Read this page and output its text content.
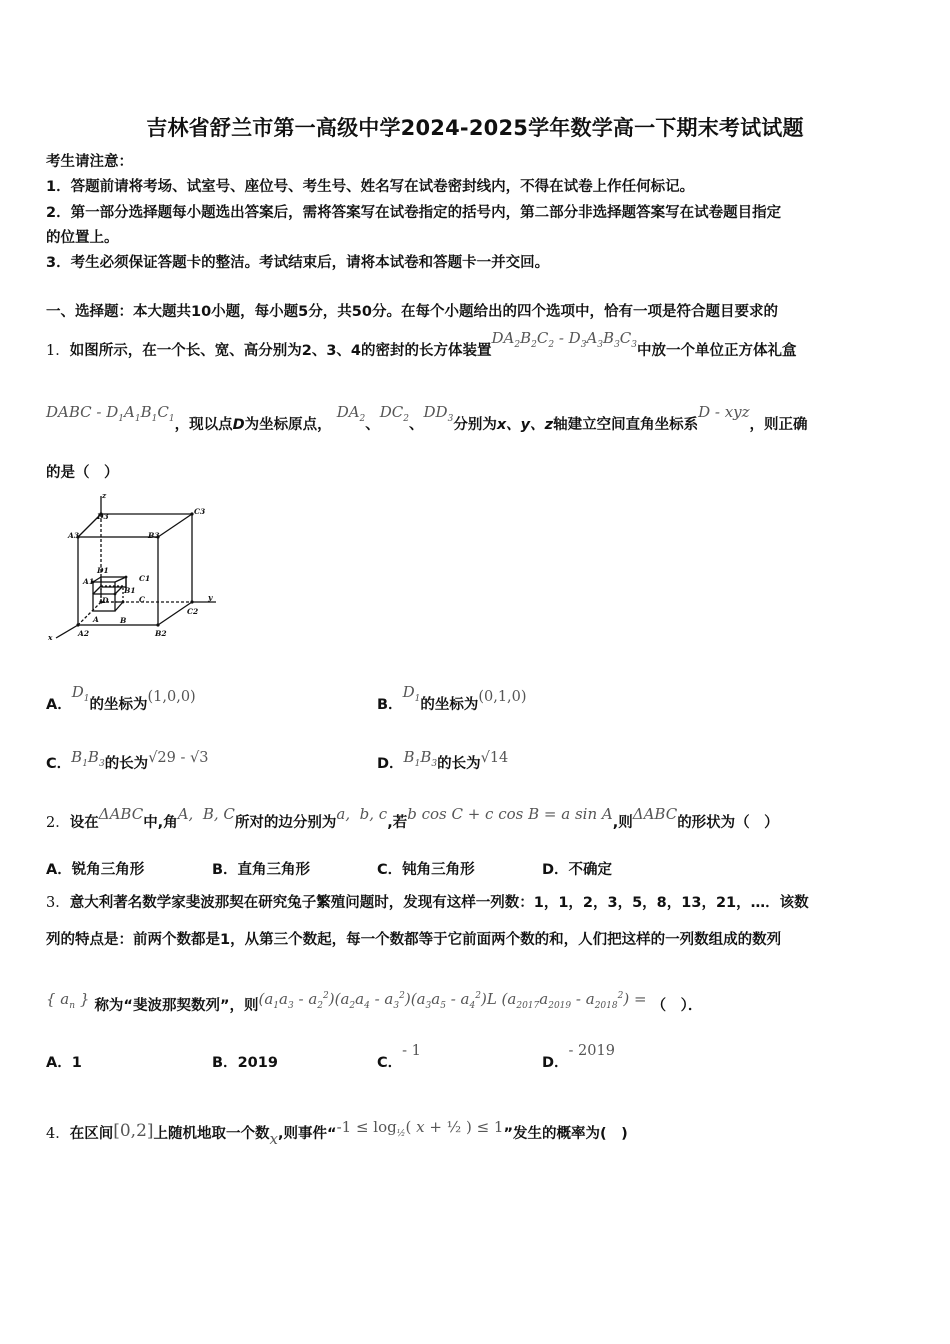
吉林省舒兰市第一高级中学2024-2025学年数学高一下期末考试试题
考生请注意：
1．答题前请将考场、试室号、座位号、考生号、姓名写在试卷密封线内，不得在试卷上作任何标记。
2．第一部分选择题每小题选出答案后，需将答案写在试卷指定的括号内，第二部分非选择题答案写在试卷题目指定
的位置上。
3．考生必须保证答题卡的整洁。考试结束后，请将本试卷和答题卡一并交回。
一、选择题：本大题共10小题，每小题5分，共50分。在每个小题给出的四个选项中，恰有一项是符合题目要求的
1．如图所示，在一个长、宽、高分别为2、3、4的密封的长方体装置$DA_2B_2C_2 - D_3A_3B_3C_3$中放一个单位正方体礼盒
DABC - $D_1A_1B_1C_1$，现以点D为坐标原点， $DA_2$、$DC_2$、$DD_3$分别为x、y、z轴建立空间直角坐标系D - xyz，则正确
的是（　）
z
D3
C3
A3	B3
D1
C1
A1
B1
D	C
A	B
A2	B2
C2
y
x
A．$D_1$的坐标为(1,0,0)	B．$D_1$的坐标为(0,1,0)
C．$B_1B_3$的长为√29 - √3	D．$B_1B_3$的长为√14
2．设在ΔABC中,角A,  B, C所对的边分别为a,  b, c,若b cos C + c cos B = a sin A,则ΔABC的形状为（　）
A．锐角三角形	B．直角三角形	C．钝角三角形	D．不确定
3．意大利著名数学家斐波那契在研究兔子繁殖问题时，发现有这样一列数：1，1，2，3，5，8，13，21，…．该数
列的特点是：前两个数都是1，从第三个数起，每一个数都等于它前面两个数的和，人们把这样的一列数组成的数列
{ $a_n$ } 称为“斐波那契数列”，则$(a_1a_3 - a_2^2)(a_2a_4 - a_3^2)(a_3a_5 - a_4^2)L$ $(a_{2017}a_{2019} - a_{2018}^2)$ = （　）．
A．1	B．2019	C．- 1
D．- 2019
4．在区间[0,2]上随机地取一个数x,则事件“$-1 \le \log_{\frac{1}{2}}$( x + ½ ) ≤ 1”发生的概率为(　)
